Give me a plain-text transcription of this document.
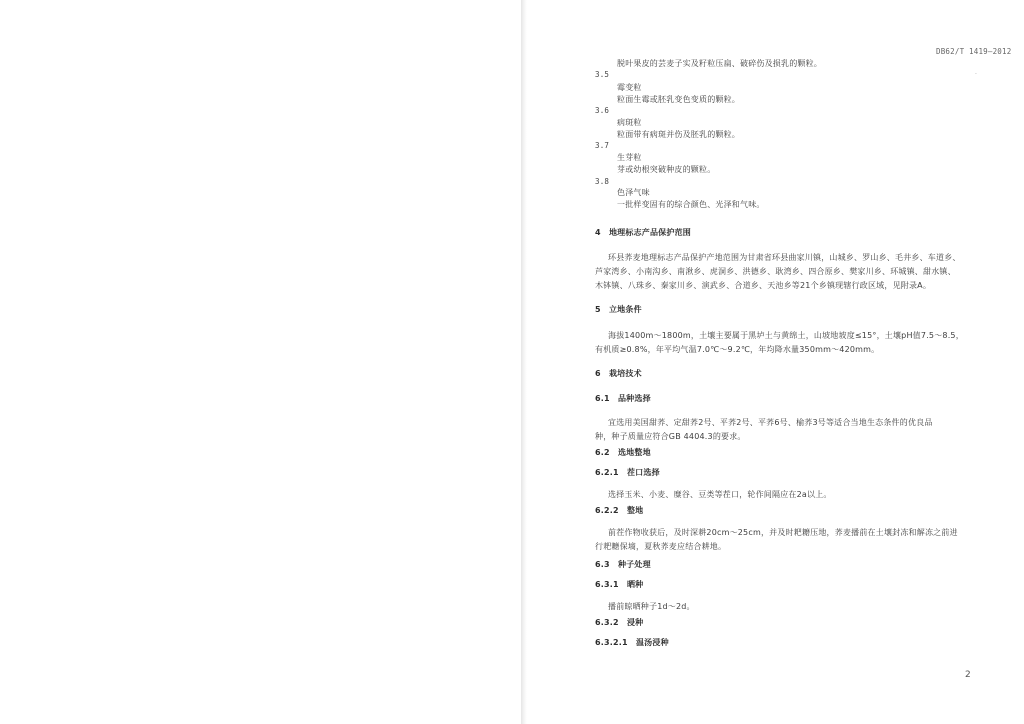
DB62/T 1419—2012
·
脱叶果皮的芸麦子实及籽粒压扁、破碎伤及损乳的颗粒。
3.5
霉变粒
粒面生霉或胚乳变色变质的颗粒。
3.6
病斑粒
粒面带有病斑并伤及胚乳的颗粒。
3.7
生芽粒
芽或幼根突破种皮的颗粒。
3.8
色泽气味
一批样变固有的综合颜色、光泽和气味。
4　地理标志产品保护范围
环县荞麦地理标志产品保护产地范围为甘肃省环县曲家川镇，山城乡、罗山乡、毛井乡、车道乡、
芦家湾乡、小南沟乡、南湫乡、虎洞乡、洪德乡、耿湾乡、四合原乡、樊家川乡、环城镇、甜水镇、
木钵镇、八珠乡、秦家川乡、演武乡、合道乡、天池乡等21个乡镇现辖行政区域，见附录A。
5　立地条件
海拔1400m～1800m，土壤主要属于黑垆土与黄绵土，山坡地坡度≤15°，土壤pH值7.5～8.5，
有机质≥0.8%，年平均气温7.0℃～9.2℃，年均降水量350mm～420mm。
6　栽培技术
6.1　品种选择
宜选用美国甜荞、定甜荞2号、平荞2号、平荞6号、榆荞3号等适合当地生态条件的优良品
种，种子质量应符合GB 4404.3的要求。
6.2　选地整地
6.2.1　茬口选择
选择玉米、小麦、糜谷、豆类等茬口，轮作间隔应在2a以上。
6.2.2　整地
前茬作物收获后，及时深耕20cm～25cm，并及时耙耱压地，荞麦播前在土壤封冻和解冻之前进
行耙耱保墒，夏秋荞麦应结合耕地。
6.3　种子处理
6.3.1　晒种
播前晾晒种子1d～2d。
6.3.2　浸种
6.3.2.1　温汤浸种
2
